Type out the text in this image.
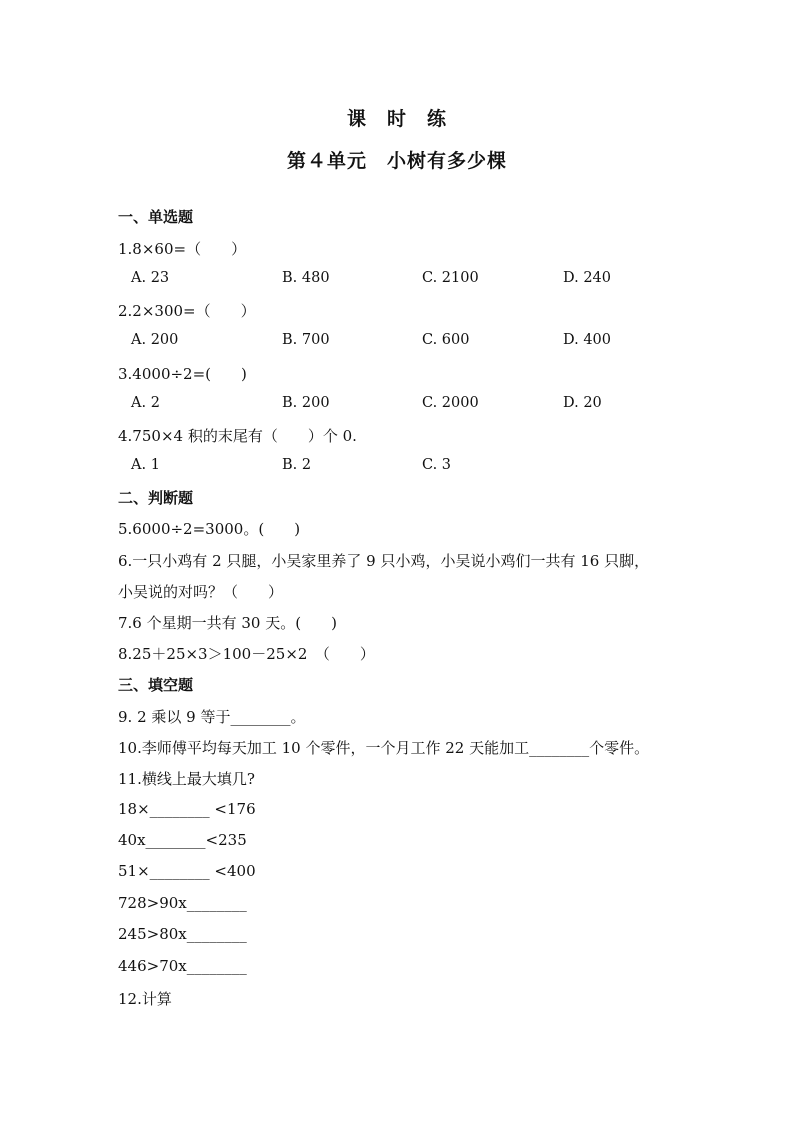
课　时　练
第４单元　小树有多少棵
一、单选题
1.8×60=（　　）
A. 23	B. 480	C. 2100	D. 240
2.2×300=（　　）
A. 200	B. 700	C. 600	D. 400
3.4000÷2=(　　)
A. 2	B. 200	C. 2000	D. 20
4.750×4 积的末尾有（　　）个 0.
A. 1	B. 2	C. 3
二、判断题
5.6000÷2=3000。(　　)
6.一只小鸡有 2 只腿，小吴家里养了 9 只小鸡，小吴说小鸡们一共有 16 只脚，
小吴说的对吗？（　　）
7.6 个星期一共有 30 天。(　　)
8.25＋25×3＞100－25×2　（　　）
三、填空题
9. 2 乘以 9 等于________。
10.李师傅平均每天加工 10 个零件，一个月工作 22 天能加工________个零件。
11.横线上最大填几?
18×________ <176
40x________<235
51×________ <400
728>90x________
245>80x________
446>70x________
12.计算
